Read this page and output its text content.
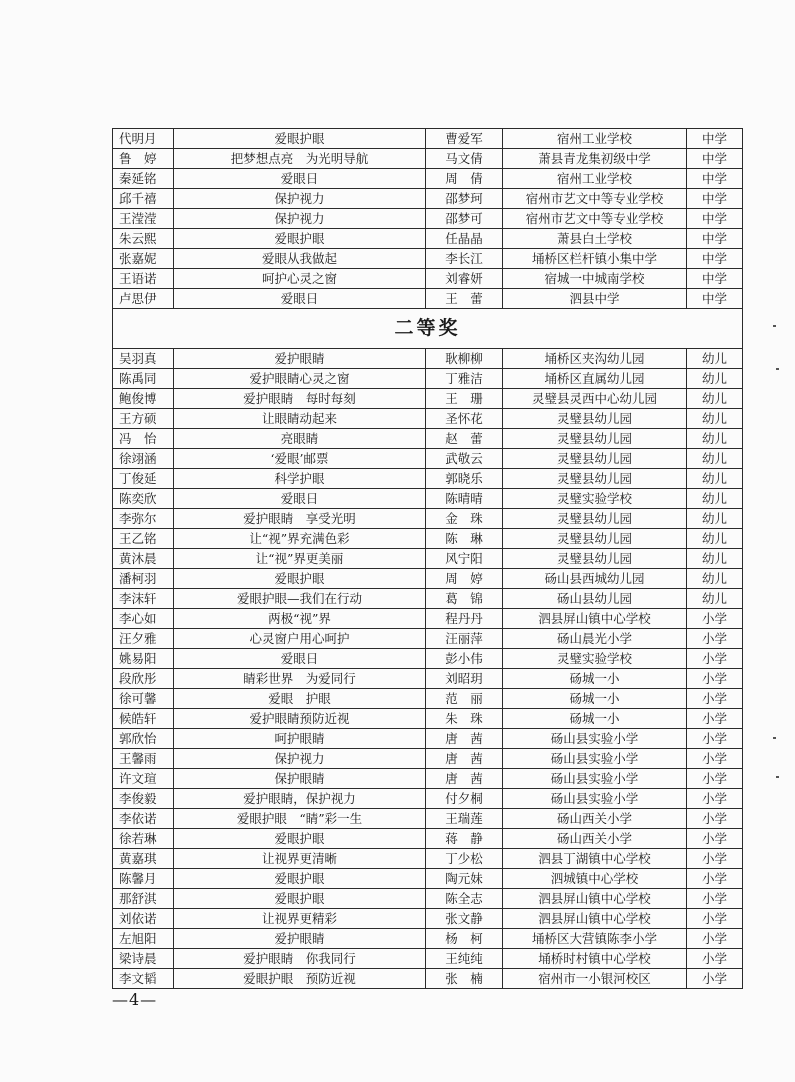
代明月	爱眼护眼	曹爱军	宿州工业学校	中学
鲁　婷	把梦想点亮　为光明导航	马文倩	萧县青龙集初级中学	中学
秦延铭	爱眼日	周　倩	宿州工业学校	中学
邱千禧	保护视力	邵梦珂	宿州市艺文中等专业学校	中学
王滢滢	保护视力	邵梦可	宿州市艺文中等专业学校	中学
朱云熙	爱眼护眼	任晶晶	萧县白土学校	中学
张嘉妮	爱眼从我做起	李长江	埇桥区栏杆镇小集中学	中学
王语诺	呵护心灵之窗	刘睿妍	宿城一中城南学校	中学
卢思伊	爱眼日	王　蕾	泗县中学	中学
二等奖				
吴羽真	爱护眼睛	耿柳柳	埇桥区夹沟幼儿园	幼儿
陈禹同	爱护眼睛心灵之窗	丁雅洁	埇桥区直属幼儿园	幼儿
鲍俊博	爱护眼睛　每时每刻	王　珊	灵璧县灵西中心幼儿园	幼儿
王方硕	让眼睛动起来	圣怀花	灵璧县幼儿园	幼儿
冯　怡	亮眼睛	赵　蕾	灵璧县幼儿园	幼儿
徐翊涵	‘爱眼’邮票	武敬云	灵璧县幼儿园	幼儿
丁俊延	科学护眼	郭晓乐	灵璧县幼儿园	幼儿
陈奕欣	爱眼日	陈晴晴	灵璧实验学校	幼儿
李弥尔	爱护眼睛　享受光明	金　珠	灵璧县幼儿园	幼儿
王乙铭	让“视”界充满色彩	陈　琳	灵璧县幼儿园	幼儿
黄沐晨	让“视”界更美丽	风宁阳	灵璧县幼儿园	幼儿
潘柯羽	爱眼护眼	周　婷	砀山县西城幼儿园	幼儿
李沫轩	爱眼护眼—我们在行动	葛　锦	砀山县幼儿园	幼儿
李心如	两极“视”界	程丹丹	泗县屏山镇中心学校	小学
汪夕雅	心灵窗户用心呵护	汪丽萍	砀山晨光小学	小学
姚易阳	爱眼日	彭小伟	灵璧实验学校	小学
段欣彤	睛彩世界　为爱同行	刘昭玥	砀城一小	小学
徐可馨	爱眼　护眼	范　丽	砀城一小	小学
候皓轩	爱护眼睛预防近视	朱　珠	砀城一小	小学
郭欣怡	呵护眼睛	唐　茜	砀山县实验小学	小学
王馨雨	保护视力	唐　茜	砀山县实验小学	小学
许文瑄	保护眼睛	唐　茜	砀山县实验小学	小学
李俊毅	爱护眼睛，保护视力	付夕桐	砀山县实验小学	小学
李依诺	爱眼护眼　“睛”彩一生	王瑞莲	砀山西关小学	小学
徐若琳	爱眼护眼	蒋　静	砀山西关小学	小学
黄嘉琪	让视界更清晰	丁少松	泗县丁湖镇中心学校	小学
陈馨月	爱眼护眼	陶元妹	泗城镇中心学校	小学
那舒淇	爱眼护眼	陈全志	泗县屏山镇中心学校	小学
刘依诺	让视界更精彩	张文静	泗县屏山镇中心学校	小学
左旭阳	爱护眼睛	杨　柯	埇桥区大营镇陈李小学	小学
梁诗晨	爱护眼睛　你我同行	王纯纯	埇桥时村镇中心学校	小学
李文韬	爱眼护眼　预防近视	张　楠	宿州市一小银河校区	小学
—4—
